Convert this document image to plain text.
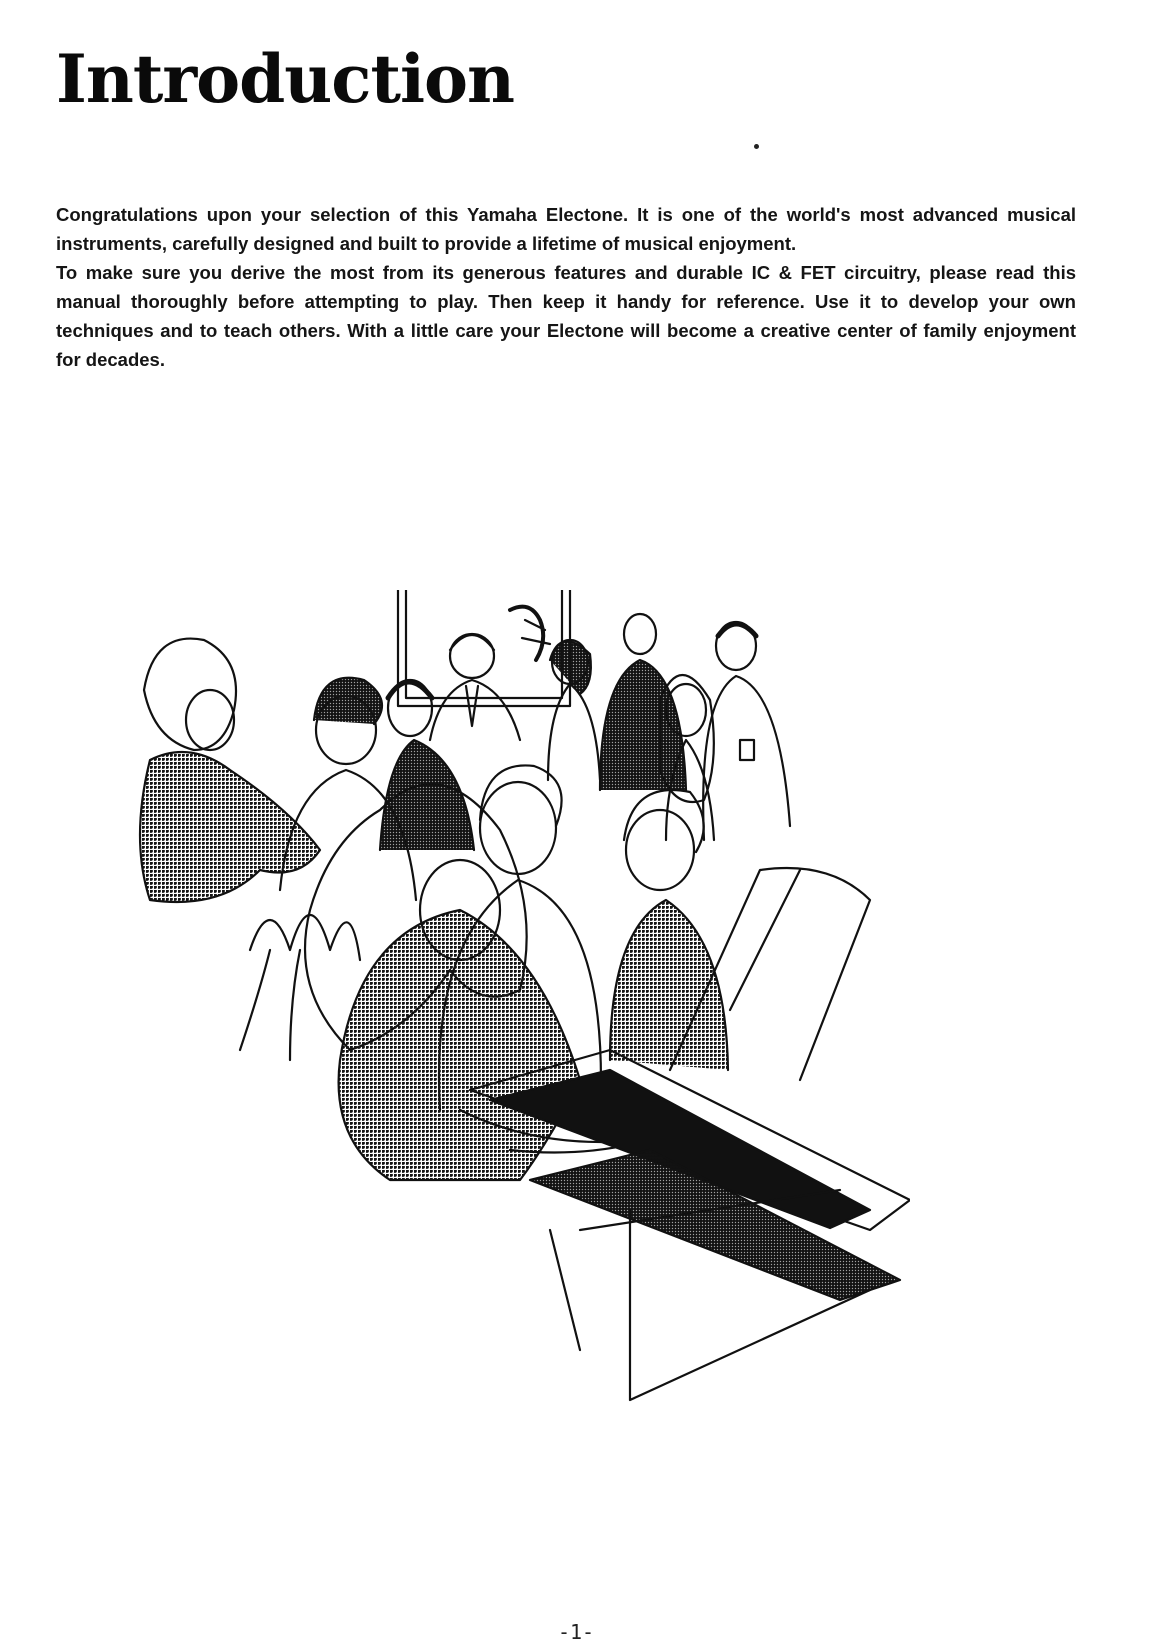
Introduction

Congratulations upon your selection of this Yamaha Electone. It is one of the world's most advanced musical instruments, carefully designed and built to provide a lifetime of musical enjoyment.

To make sure you derive the most from its generous features and durable IC & FET circuitry, please read this manual thoroughly before attempting to play. Then keep it handy for reference. Use it to develop your own techniques and to teach others. With a little care your Electone will become a creative center of family enjoyment for decades.

-1-
